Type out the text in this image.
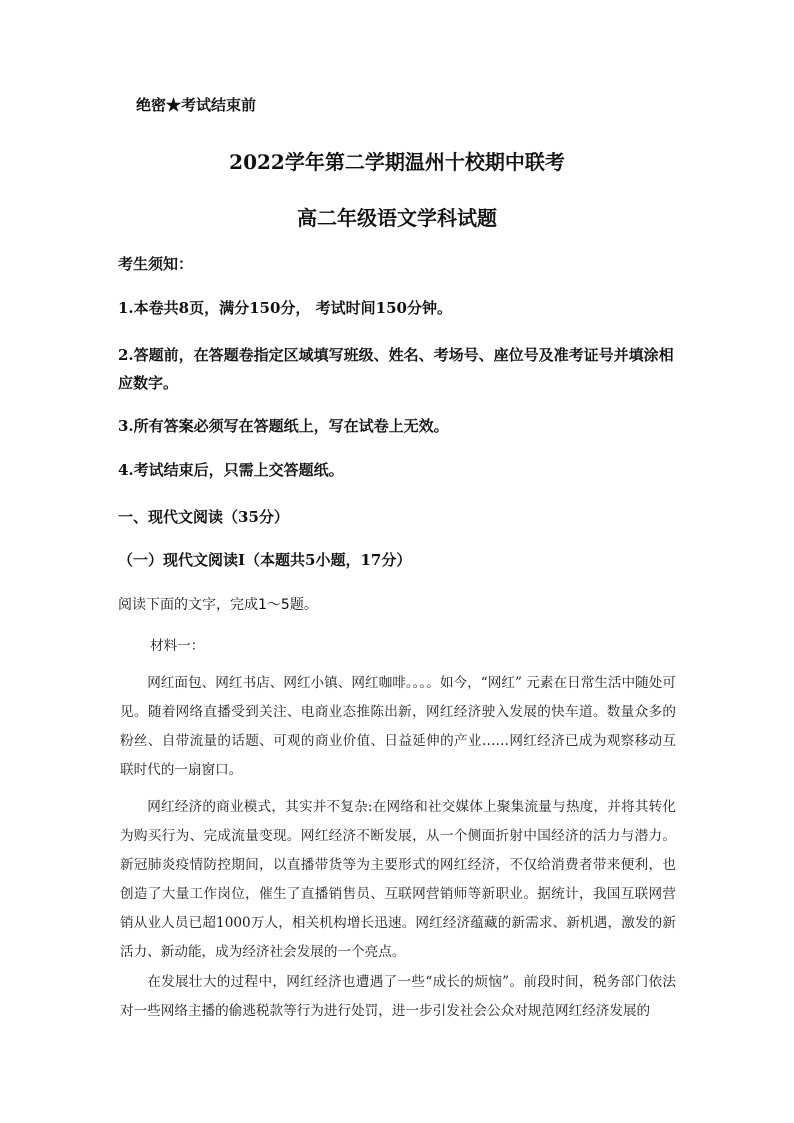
绝密★考试结束前
2022学年第二学期温州十校期中联考
高二年级语文学科试题
考生须知：
1.本卷共8页，满分150分， 考试时间150分钟。
2.答题前，在答题卷指定区域填写班级、姓名、考场号、座位号及准考证号并填涂相应数字。
3.所有答案必须写在答题纸上，写在试卷上无效。
4.考试结束后，只需上交答题纸。
一、现代文阅读（35分）
（一）现代文阅读Ⅰ（本题共5小题，17分）
阅读下面的文字，完成1～5题。
材料一：
网红面包、网红书店、网红小镇、网红咖啡。。。。如今，“网红” 元素在日常生活中随处可见。随着网络直播受到关注、电商业态推陈出新，网红经济驶入发展的快车道。数量众多的粉丝、自带流量的话题、可观的商业价值、日益延伸的产业……网红经济已成为观察移动互联时代的一扇窗口。
网红经济的商业模式，其实并不复杂:在网络和社交媒体上聚集流量与热度，并将其转化为购买行为、完成流量变现。网红经济不断发展，从一个侧面折射中国经济的活力与潜力。新冠肺炎疫情防控期间，以直播带货等为主要形式的网红经济，不仅给消费者带来便利，也创造了大量工作岗位，催生了直播销售员、互联网营销师等新职业。据统计，我国互联网营销从业人员已超1000万人，相关机构增长迅速。网红经济蕴藏的新需求、新机遇，激发的新活力、新动能，成为经济社会发展的一个亮点。
在发展壮大的过程中，网红经济也遭遇了一些“成长的烦恼”。前段时间，税务部门依法对一些网络主播的偷逃税款等行为进行处罚，进一步引发社会公众对规范网红经济发展的
